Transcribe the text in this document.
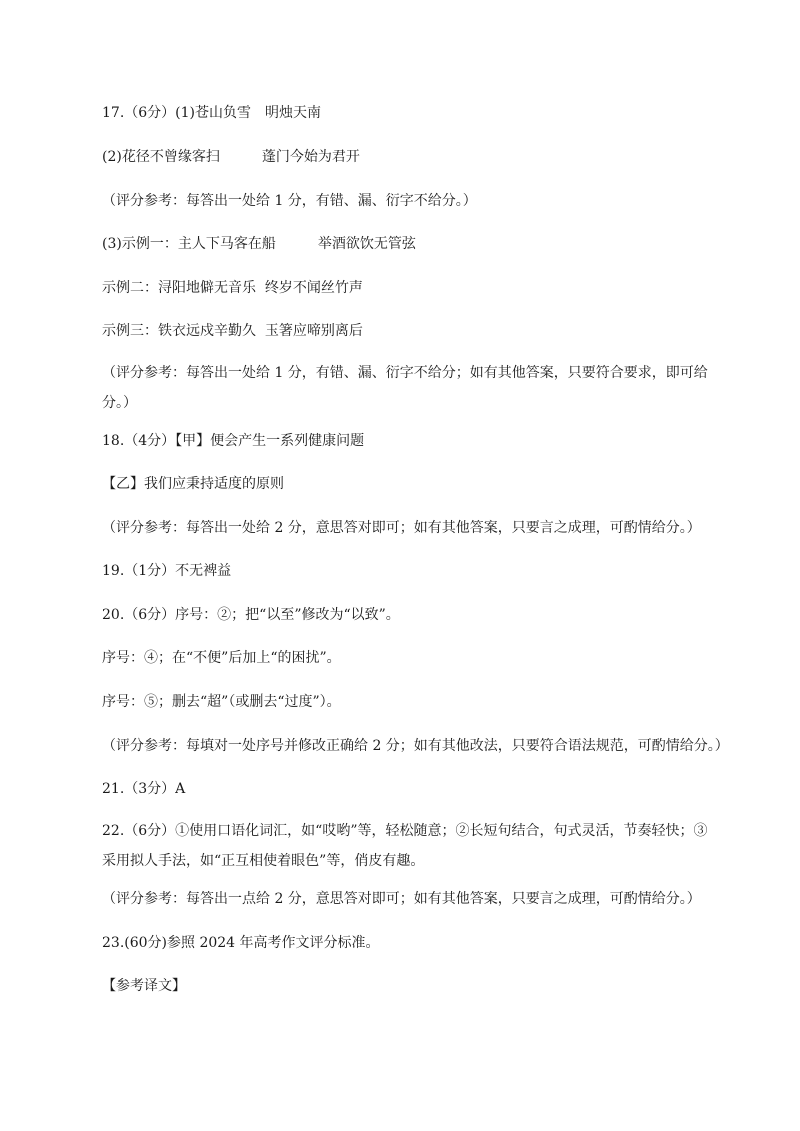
17.（6分）(1)苍山负雪　明烛天南
(2)花径不曾缘客扫　　　蓬门今始为君开
（评分参考：每答出一处给 1 分，有错、漏、衍字不给分。）
(3)示例一：主人下马客在船　　　举酒欲饮无管弦
示例二：浔阳地僻无音乐  终岁不闻丝竹声
示例三：铁衣远戍辛勤久  玉箸应啼别离后
（评分参考：每答出一处给 1 分，有错、漏、衍字不给分；如有其他答案，只要符合要求，即可给分。）
18.（4分）【甲】便会产生一系列健康问题
【乙】我们应秉持适度的原则
（评分参考：每答出一处给 2 分，意思答对即可；如有其他答案，只要言之成理，可酌情给分。）
19.（1分）不无裨益
20.（6分）序号：②；把“以至”修改为“以致”。
序号：④；在“不便”后加上“的困扰”。
序号：⑤；删去“超”（或删去“过度”）。
（评分参考：每填对一处序号并修改正确给 2 分；如有其他改法，只要符合语法规范，可酌情给分。）
21.（3分）A
22.（6分）①使用口语化词汇，如“哎哟”等，轻松随意；②长短句结合，句式灵活，节奏轻快；③采用拟人手法，如“正互相使着眼色”等，俏皮有趣。
（评分参考：每答出一点给 2 分，意思答对即可；如有其他答案，只要言之成理，可酌情给分。）
23.(60分)参照 2024 年高考作文评分标准。
【参考译文】
